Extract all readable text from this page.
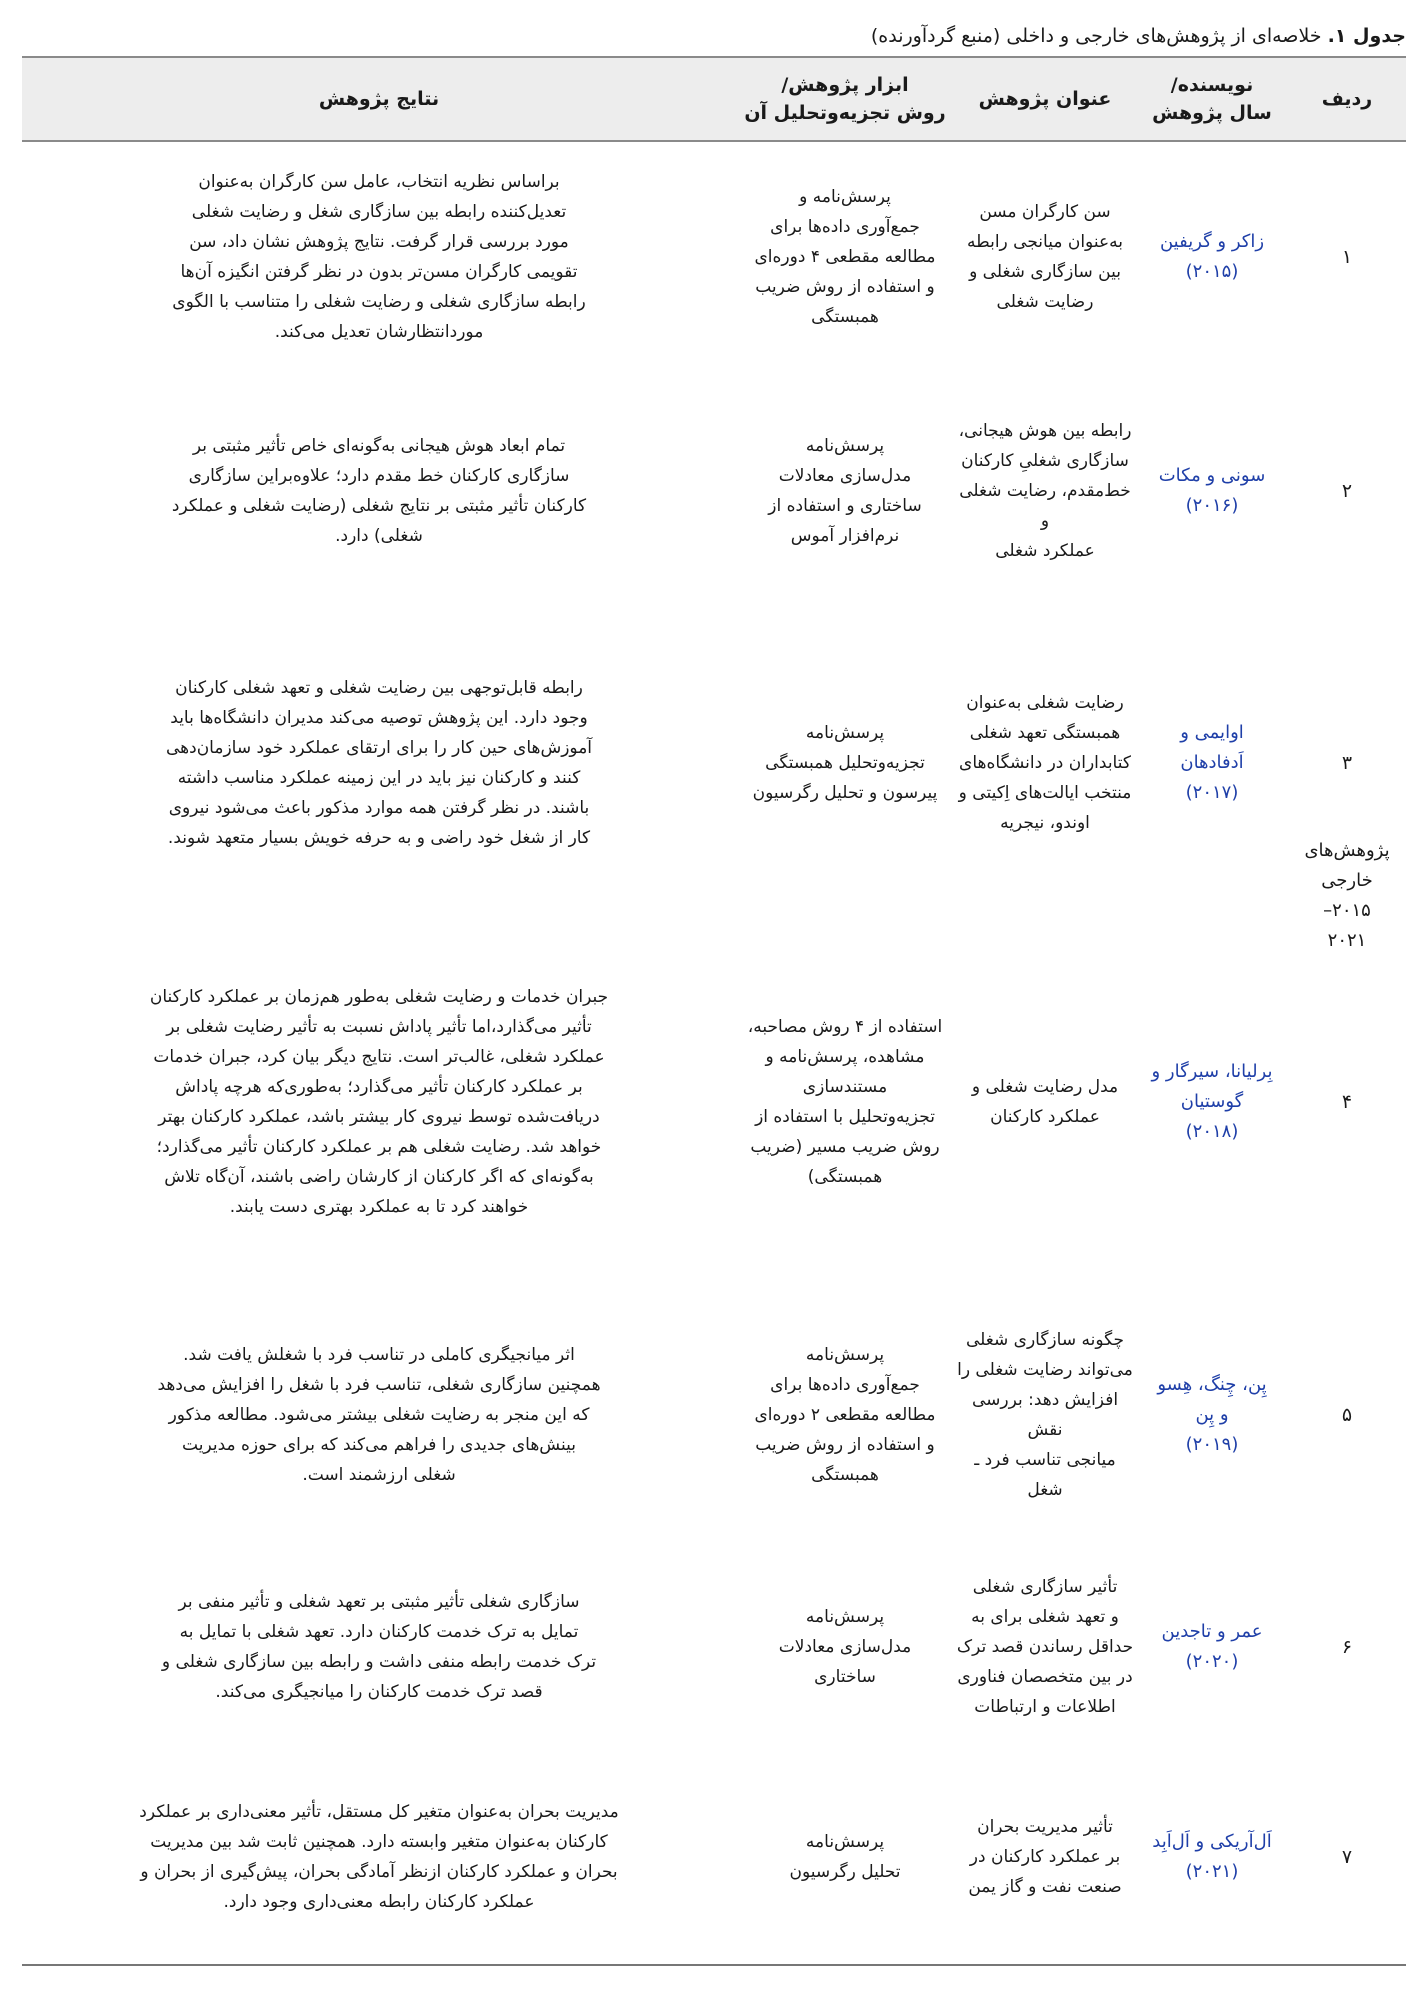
جدول ۱. خلاصه‌ای از پژوهش‌های خارجی و داخلی (منبع گردآورنده)
ردیف
نویسنده/
سال پژوهش
عنوان پژوهش
ابزار پژوهش/
روش تجزیه‌وتحلیل آن
نتایج پژوهش
پژوهش‌های
خارجی
۲۰۱۵–
۲۰۲۱
۱
زاکر و گریفین
(۲۰۱۵)
سن کارگران مسن
به‌عنوان میانجی رابطه
بین سازگاری شغلی و
رضایت شغلی
پرسش‌نامه و
جمع‌آوری داده‌ها برای
مطالعه مقطعی ۴ دوره‌ای
و استفاده از روش ضریب
همبستگی
براساس نظریه انتخاب، عامل سن کارگران به‌عنوان
تعدیل‌کننده رابطه بین سازگاری شغل و رضایت شغلی
مورد بررسی قرار گرفت. نتایج پژوهش نشان داد، سن
تقویمی کارگران مسن‌تر بدون در نظر گرفتن انگیزه آن‌ها
رابطه سازگاری شغلی و رضایت شغلی را متناسب با الگوی
موردانتظارشان تعدیل می‌کند.
۲
سونی و مکات
(۲۰۱۶)
رابطه بین هوش هیجانی،
سازگاری شغلیِ کارکنان
خط‌مقدم، رضایت شغلی و
عملکرد شغلی
پرسش‌نامه
مدل‌سازی معادلات
ساختاری و استفاده از
نرم‌افزار آموس
تمام ابعاد هوش هیجانی به‌گونه‌ای خاص تأثیر مثبتی بر
سازگاری کارکنان خط مقدم دارد؛ علاوه‌براین سازگاری
کارکنان تأثیر مثبتی بر نتایج شغلی (رضایت شغلی و عملکرد
شغلی) دارد.
۳
اوایمی و
اَدفادهان
(۲۰۱۷)
رضایت شغلی به‌عنوان
همبستگی تعهد شغلی
کتابداران در دانشگاه‌های
منتخب ایالت‌های اِکیتی و
اوندو، نیجریه
پرسش‌نامه
تجزیه‌وتحلیل همبستگی
پیرسون و تحلیل رگرسیون
رابطه قابل‌توجهی بین رضایت شغلی و تعهد شغلی کارکنان
وجود دارد. این پژوهش توصیه می‌کند مدیران دانشگاه‌ها باید
آموزش‌های حین کار را برای ارتقای عملکرد خود سازمان‌دهی
کنند و کارکنان نیز باید در این زمینه عملکرد مناسب داشته
باشند. در نظر گرفتن همه موارد مذکور باعث می‌شود نیروی
کار از شغل خود راضی و به حرفه خویش بسیار متعهد شوند.
۴
بِرلیانا، سیرگار و
گوستیان
(۲۰۱۸)
مدل رضایت شغلی و
عملکرد کارکنان
استفاده از ۴ روش مصاحبه،
مشاهده، پرسش‌نامه و
مستندسازی
تجزیه‌وتحلیل با استفاده از
روش ضریب مسیر (ضریب
همبستگی)
جبران خدمات و رضایت شغلی به‌طور هم‌زمان بر عملکرد کارکنان
تأثیر می‌گذارد،اما تأثیر پاداش نسبت به تأثیر رضایت شغلی بر
عملکرد شغلی، غالب‌تر است. نتایج دیگر بیان کرد، جبران خدمات
بر عملکرد کارکنان تأثیر می‌گذارد؛ به‌طوری‌که هرچه پاداش
دریافت‌شده توسط نیروی کار بیشتر باشد، عملکرد کارکنان بهتر
خواهد شد. رضایت شغلی هم بر عملکرد کارکنان تأثیر می‌گذارد؛
به‌گونه‌ای که اگر کارکنان از کارشان راضی باشند، آن‌گاه تلاش
خواهند کرد تا به عملکرد بهتری دست یابند.
۵
پِن، چِنگ، هِسو
و پِن
(۲۰۱۹)
چگونه سازگاری شغلی
می‌تواند رضایت شغلی را
افزایش دهد: بررسی نقش
میانجی تناسب فرد ـ شغل
پرسش‌نامه
جمع‌آوری داده‌ها برای
مطالعه مقطعی ۲ دوره‌ای
و استفاده از روش ضریب
همبستگی
اثر میانجیگری کاملی در تناسب فرد با شغلش یافت شد.
همچنین سازگاری شغلی، تناسب فرد با شغل را افزایش می‌دهد
که این منجر به رضایت شغلی بیشتر می‌شود. مطالعه مذکور
بینش‌های جدیدی را فراهم می‌کند که برای حوزه مدیریت
شغلی ارزشمند است.
۶
عمر و تاجدین
(۲۰۲۰)
تأثیر سازگاری شغلی
و تعهد شغلی برای به
حداقل رساندن قصد ترک
در بین متخصصان فناوری
اطلاعات و ارتباطات
پرسش‌نامه
مدل‌سازی معادلات
ساختاری
سازگاری شغلی تأثیر مثبتی بر تعهد شغلی و تأثیر منفی بر
تمایل به ترک خدمت کارکنان دارد. تعهد شغلی با تمایل به
ترک خدمت رابطه منفی داشت و رابطه بین سازگاری شغلی و
قصد ترک خدمت کارکنان را میانجیگری می‌کند.
۷
اَل‌آریکی و اَل‌اَبِد
(۲۰۲۱)
تأثیر مدیریت بحران
بر عملکرد کارکنان در
صنعت نفت و گاز یمن
پرسش‌نامه
تحلیل رگرسیون
مدیریت بحران به‌عنوان متغیر کل مستقل، تأثیر معنی‌داری بر عملکرد
کارکنان به‌عنوان متغیر وابسته دارد. همچنین ثابت شد بین مدیریت
بحران و عملکرد کارکنان ازنظر آمادگی بحران، پیش‌گیری از بحران و
عملکرد کارکنان رابطه معنی‌داری وجود دارد.
